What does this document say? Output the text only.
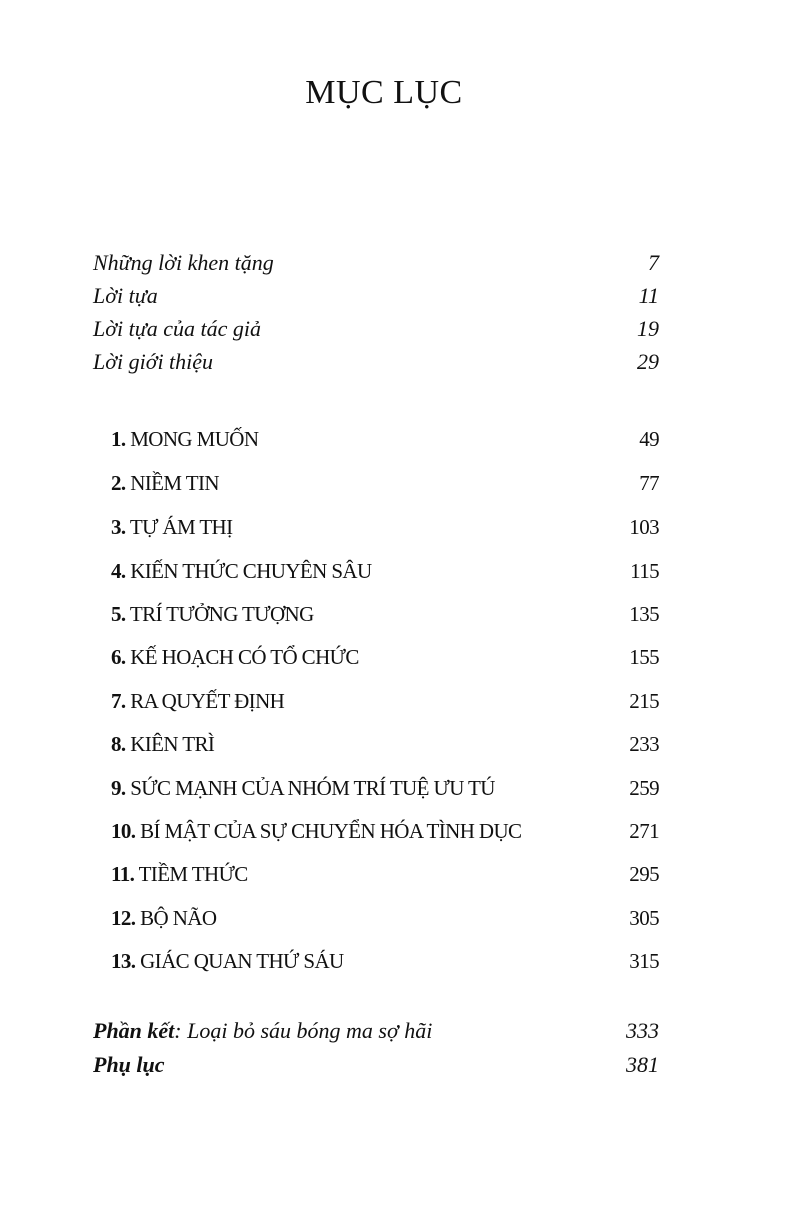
MỤC LỤC
Những lời khen tặng	7
Lời tựa	11
Lời tựa của tác giả	19
Lời giới thiệu	29
1. MONG MUỐN	49
2. NIỀM TIN	77
3. TỰ ÁM THỊ	103
4. KIẾN THỨC CHUYÊN SÂU	115
5. TRÍ TƯỞNG TƯỢNG	135
6. KẾ HOẠCH CÓ TỔ CHỨC	155
7. RA QUYẾT ĐỊNH	215
8. KIÊN TRÌ	233
9. SỨC MẠNH CỦA NHÓM TRÍ TUỆ ƯU TÚ	259
10. BÍ MẬT CỦA SỰ CHUYỂN HÓA TÌNH DỤC	271
11. TIỀM THỨC	295
12. BỘ NÃO	305
13. GIÁC QUAN THỨ SÁU	315
Phần kết: Loại bỏ sáu bóng ma sợ hãi	333
Phụ lục	381
